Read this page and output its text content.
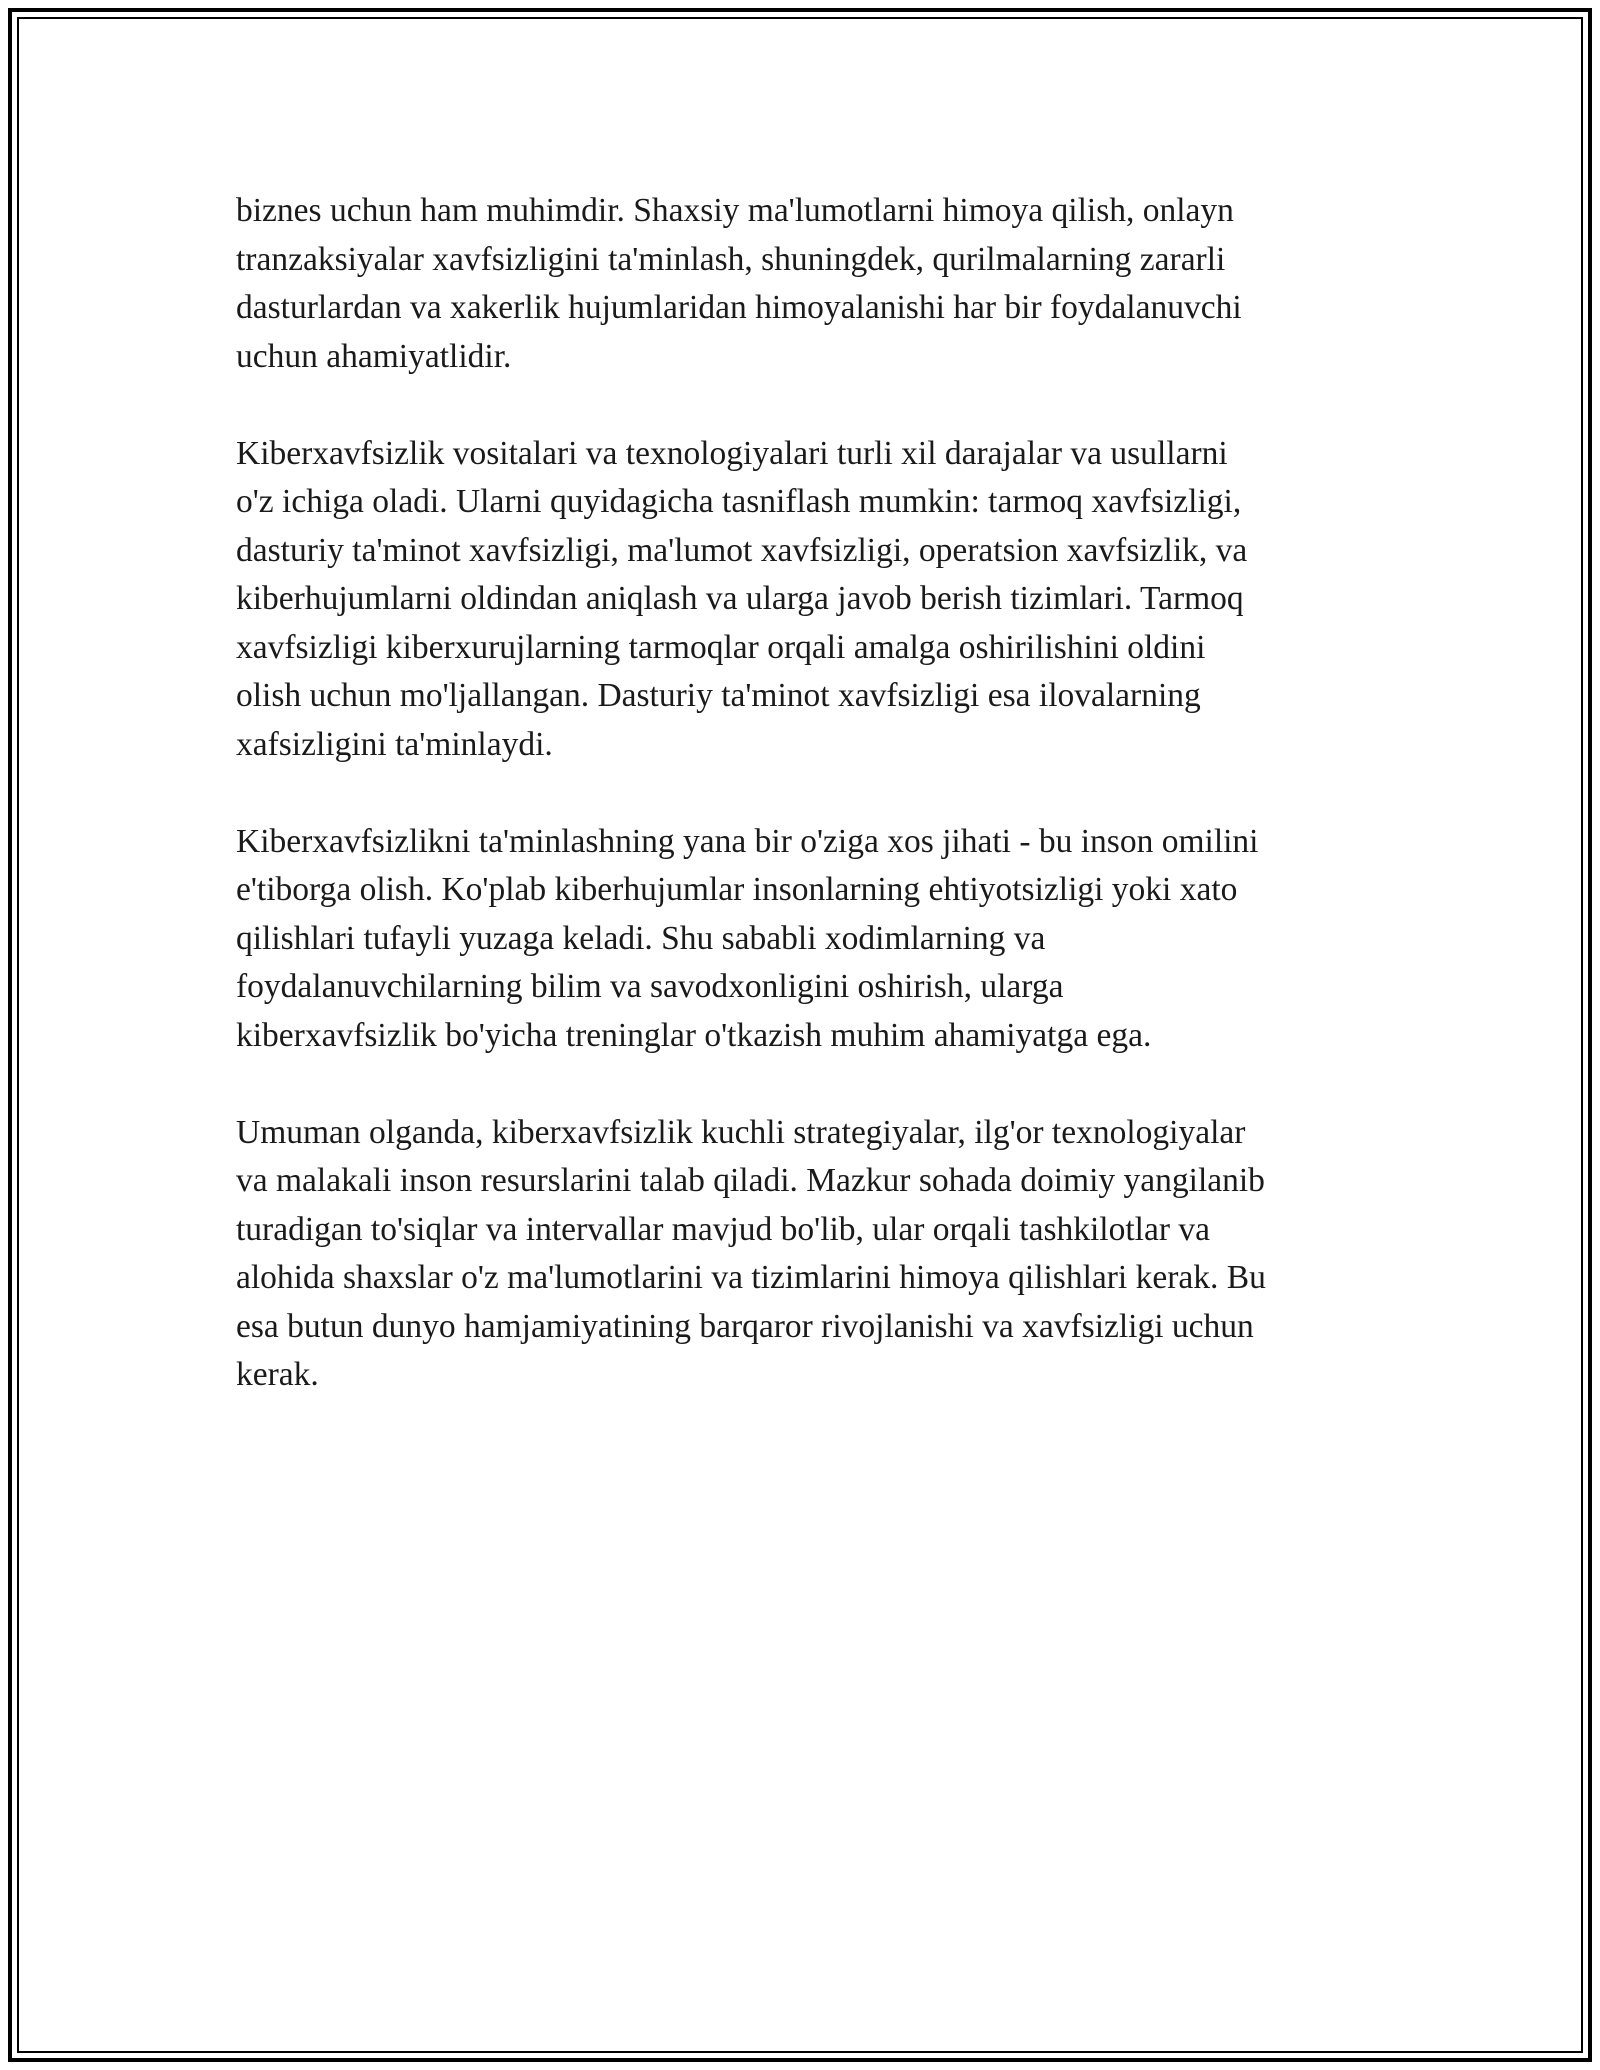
biznes uchun ham muhimdir. Shaxsiy ma'lumotlarni himoya qilish, onlayn
tranzaksiyalar xavfsizligini ta'minlash, shuningdek, qurilmalarning zararli
dasturlardan va xakerlik hujumlaridan himoyalanishi har bir foydalanuvchi
uchun ahamiyatlidir.

Kiberxavfsizlik vositalari va texnologiyalari turli xil darajalar va usullarni
o'z ichiga oladi. Ularni quyidagicha tasniflash mumkin: tarmoq xavfsizligi,
dasturiy ta'minot xavfsizligi, ma'lumot xavfsizligi, operatsion xavfsizlik, va
kiberhujumlarni oldindan aniqlash va ularga javob berish tizimlari. Tarmoq
xavfsizligi kiberxurujlarning tarmoqlar orqali amalga oshirilishini oldini
olish uchun mo'ljallangan. Dasturiy ta'minot xavfsizligi esa ilovalarning
xafsizligini ta'minlaydi.

Kiberxavfsizlikni ta'minlashning yana bir o'ziga xos jihati - bu inson omilini
e'tiborga olish. Ko'plab kiberhujumlar insonlarning ehtiyotsizligi yoki xato
qilishlari tufayli yuzaga keladi. Shu sababli xodimlarning va
foydalanuvchilarning bilim va savodxonligini oshirish, ularga
kiberxavfsizlik bo'yicha treninglar o'tkazish muhim ahamiyatga ega.

Umuman olganda, kiberxavfsizlik kuchli strategiyalar, ilg'or texnologiyalar
va malakali inson resurslarini talab qiladi. Mazkur sohada doimiy yangilanib
turadigan to'siqlar va intervallar mavjud bo'lib, ular orqali tashkilotlar va
alohida shaxslar o'z ma'lumotlarini va tizimlarini himoya qilishlari kerak. Bu
esa butun dunyo hamjamiyatining barqaror rivojlanishi va xavfsizligi uchun
kerak.
